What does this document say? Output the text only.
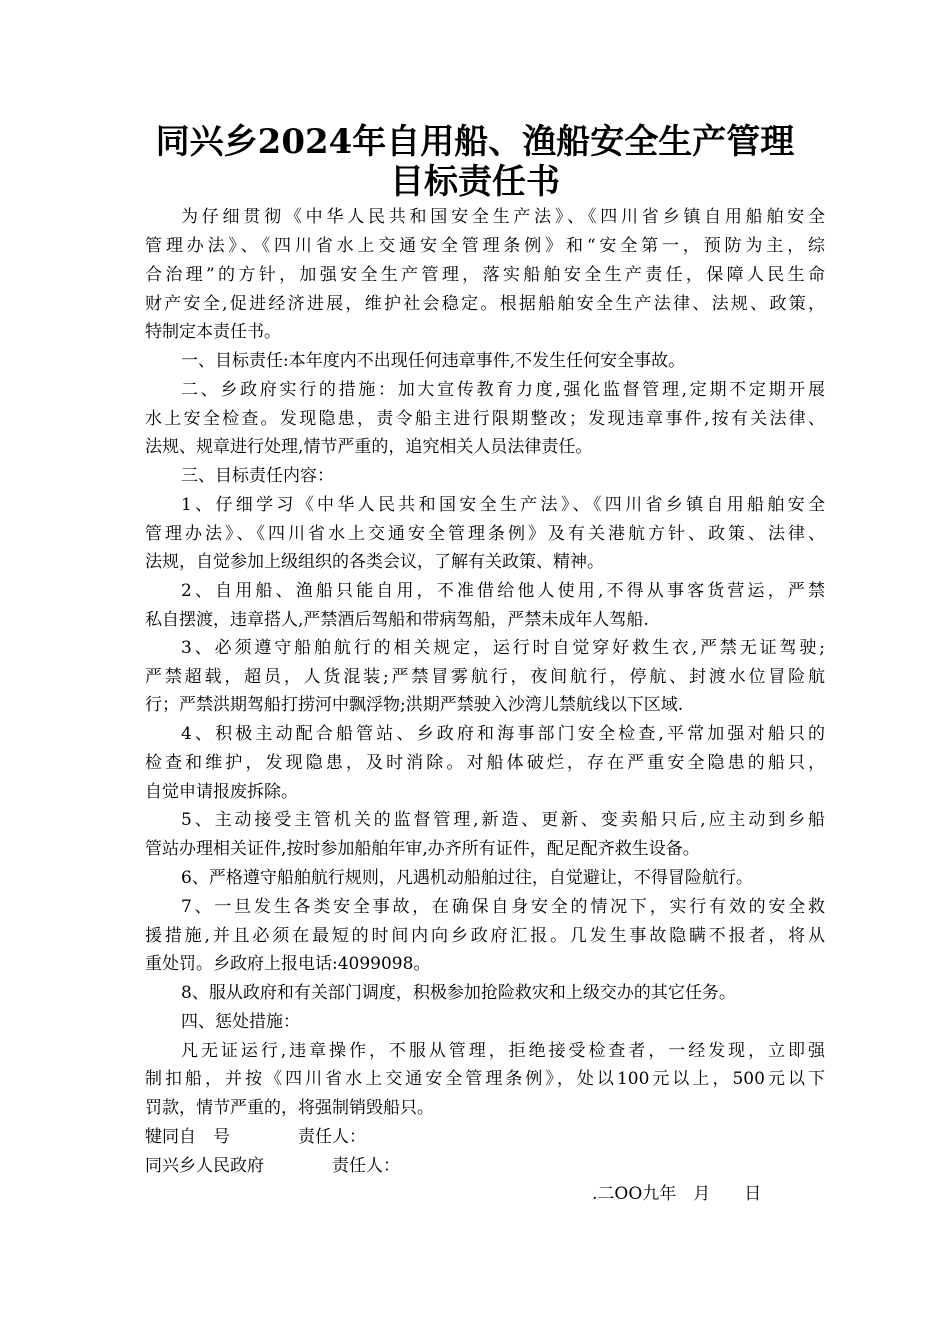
同兴乡2024年自用船、渔船安全生产管理
目标责任书
为仔细贯彻《中华人民共和国安全生产法》、《四川省乡镇自用船舶安全
管理办法》、《四川省水上交通安全管理条例》和“安全第一，预防为主，综
合治理”的方针，加强安全生产管理，落实船舶安全生产责任，保障人民生命
财产安全,促进经济进展，维护社会稳定。根据船舶安全生产法律、法规、政策，
特制定本责任书。
一、目标责任:本年度内不出现任何违章事件,不发生任何安全事故。
二、乡政府实行的措施：加大宣传教育力度,强化监督管理,定期不定期开展
水上安全检查。发现隐患，责令船主进行限期整改；发现违章事件,按有关法律、
法规、规章进行处理,情节严重的，追究相关人员法律责任。
三、目标责任内容：
1、仔细学习《中华人民共和国安全生产法》、《四川省乡镇自用船舶安全
管理办法》、《四川省水上交通安全管理条例》及有关港航方针、政策、法律、
法规，自觉参加上级组织的各类会议，了解有关政策、精神。
2、自用船、渔船只能自用，不准借给他人使用,不得从事客货营运，严禁
私自摆渡，违章搭人,严禁酒后驾船和带病驾船，严禁未成年人驾船.
3、必须遵守船舶航行的相关规定，运行时自觉穿好救生衣,严禁无证驾驶;
严禁超载，超员，人货混装;严禁冒雾航行，夜间航行，停航、封渡水位冒险航
行；严禁洪期驾船打捞河中飘浮物;洪期严禁驶入沙湾儿禁航线以下区域.
4、积极主动配合船管站、乡政府和海事部门安全检查,平常加强对船只的
检查和维护，发现隐患，及时消除。对船体破烂，存在严重安全隐患的船只，
自觉申请报废拆除。
5、主动接受主管机关的监督管理,新造、更新、变卖船只后,应主动到乡船
管站办理相关证件,按时参加船舶年审,办齐所有证件，配足配齐救生设备。
6、严格遵守船舶航行规则，凡遇机动船舶过往，自觉避让，不得冒险航行。
7、一旦发生各类安全事故，在确保自身安全的情况下，实行有效的安全救
援措施,并且必须在最短的时间内向乡政府汇报。几发生事故隐瞒不报者，将从
重处罚。乡政府上报电话:4099098。
8、服从政府和有关部门调度，积极参加抢险救灾和上级交办的其它任务。
四、惩处措施：
凡无证运行,违章操作，不服从管理，拒绝接受检查者，一经发现，立即强
制扣船，并按《四川省水上交通安全管理条例》，处以100元以上，500元以下
罚款，情节严重的，将强制销毁船只。
犍同自　号　　　　责任人：
同兴乡人民政府　　　　责任人：
.二OO九年　月　　日
